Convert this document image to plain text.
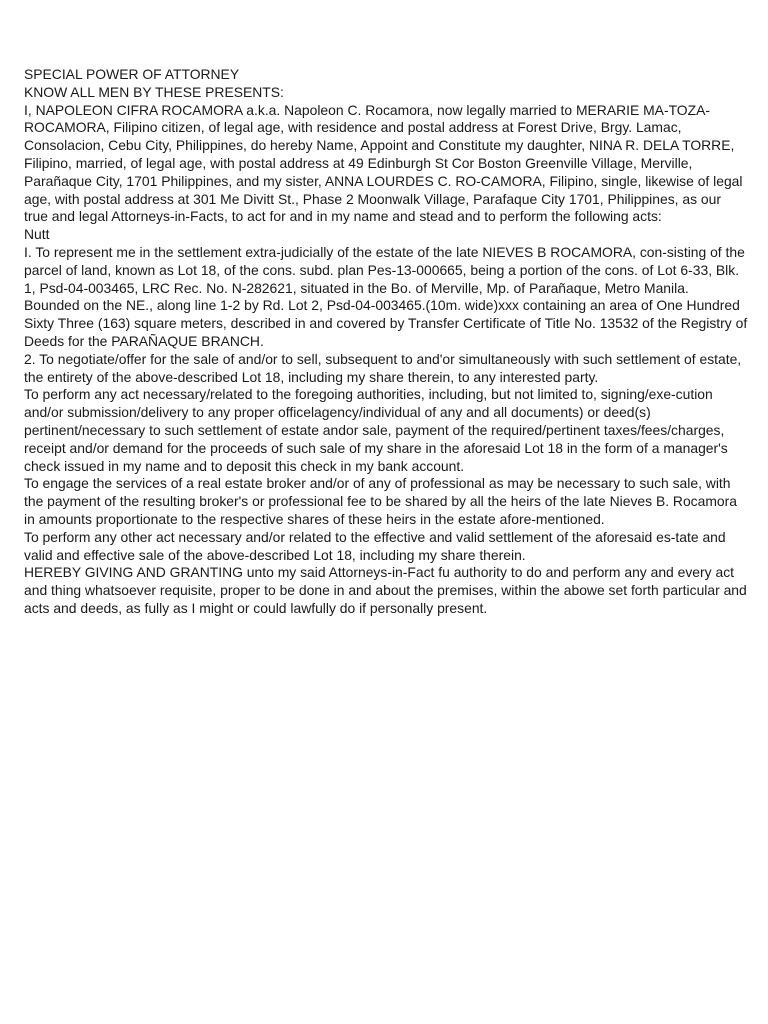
SPECIAL POWER OF ATTORNEY

KNOW ALL MEN BY THESE PRESENTS:

I, NAPOLEON CIFRA ROCAMORA a.k.a. Napoleon C. Rocamora, now legally married to MERARIE MA-TOZA- ROCAMORA, Filipino citizen, of legal age, with residence and postal address at Forest Drive, Brgy. Lamac, Consolacion, Cebu City, Philippines, do hereby Name, Appoint and Constitute my daughter, NINA R. DELA TORRE, Filipino, married, of legal age, with postal address at 49 Edinburgh St Cor Boston Greenville Village, Merville, Parañaque City, 1701 Philippines, and my sister, ANNA LOURDES C. RO-CAMORA, Filipino, single, likewise of legal age, with postal address at 301 Me Divitt St., Phase 2 Moonwalk Village, Parafaque City 1701, Philippines, as our true and legal Attorneys-in-Facts, to act for and in my name and stead and to perform the following acts:

Nutt

I. To represent me in the settlement extra-judicially of the estate of the late NIEVES B ROCAMORA, con-sisting of the parcel of land, known as Lot 18, of the cons. subd. plan Pes-13-000665, being a portion of the cons. of Lot 6-33, Blk. 1, Psd-04-003465, LRC Rec. No. N-282621, situated in the Bo. of Merville, Mp. of Parañaque, Metro Manila. Bounded on the NE., along line 1-2 by Rd. Lot 2, Psd-04-003465.(10m. wide)xxx containing an area of One Hundred Sixty Three (163) square meters, described in and covered by Transfer Certificate of Title No. 13532 of the Registry of Deeds for the PARAÑAQUE BRANCH.

2. To negotiate/offer for the sale of and/or to sell, subsequent to and'or simultaneously with such settlement of estate, the entirety of the above-described Lot 18, including my share therein, to any interested party.

To perform any act necessary/related to the foregoing authorities, including, but not limited to, signing/exe-cution and/or submission/delivery to any proper officelagency/individual of any and all documents) or deed(s) pertinent/necessary to such settlement of estate andor sale, payment of the required/pertinent taxes/fees/charges, receipt and/or demand for the proceeds of such sale of my share in the aforesaid Lot 18 in the form of a manager's check issued in my name and to deposit this check in my bank account.

To engage the services of a real estate broker and/or of any of professional as may be necessary to such sale, with the payment of the resulting broker's or professional fee to be shared by all the heirs of the late Nieves B. Rocamora in amounts proportionate to the respective shares of these heirs in the estate afore-mentioned.

To perform any other act necessary and/or related to the effective and valid settlement of the aforesaid es-tate and valid and effective sale of the above-described Lot 18, including my share therein.

HEREBY GIVING AND GRANTING unto my said Attorneys-in-Fact fu authority to do and perform any and every act and thing whatsoever requisite, proper to be done in and about the premises, within the abowe set forth particular and acts and deeds, as fully as I might or could lawfully do if personally present.
